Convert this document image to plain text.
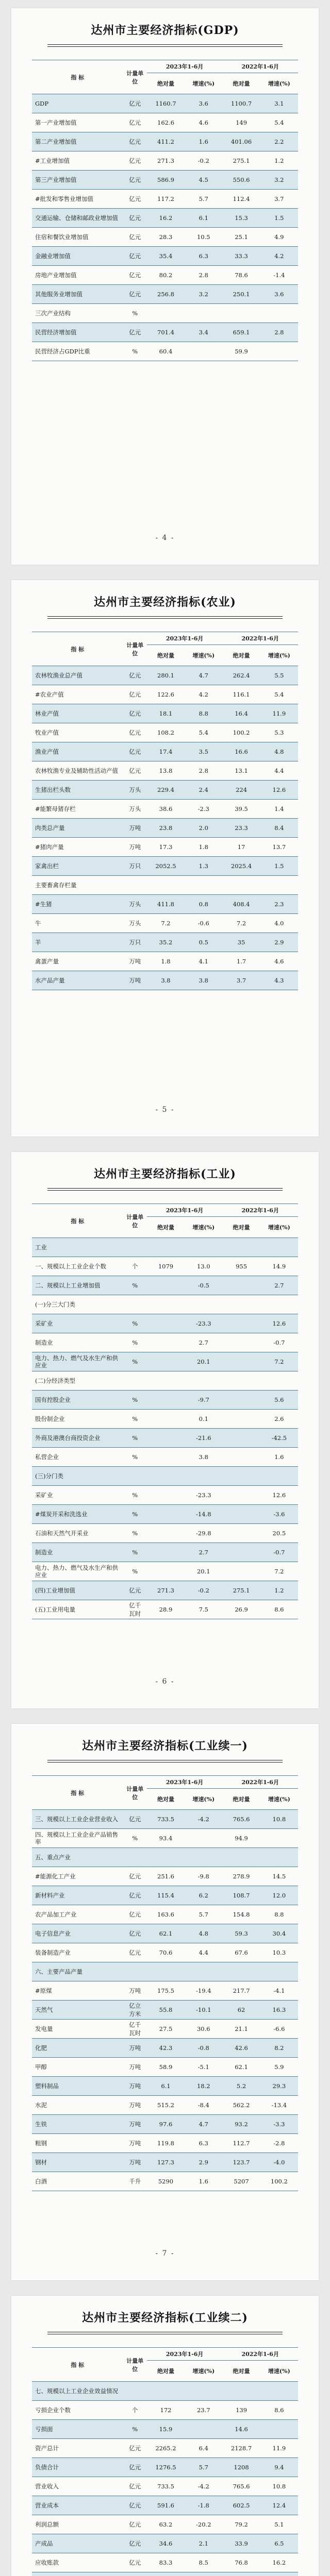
达州市主要经济指标(GDP)
指 标	计量单位	2023年1-6月		2022年1-6月	
		绝对量	增速(%)	绝对量	增速(%)
GDP	亿元	1160.7	3.6	1100.7	3.1
第一产业增加值	亿元	162.6	4.6	149	5.4
第二产业增加值	亿元	411.2	1.6	401.06	2.2
#工业增加值	亿元	271.3	-0.2	275.1	1.2
第三产业增加值	亿元	586.9	4.5	550.6	3.2
#批发和零售业增加值	亿元	117.2	5.7	112.4	3.7
交通运输、仓储和邮政业增加值	亿元	16.2	6.1	15.3	1.5
住宿和餐饮业增加值	亿元	28.3	10.5	25.1	4.9
金融业增加值	亿元	35.4	6.3	33.3	4.2
房地产业增加值	亿元	80.2	2.8	78.6	-1.4
其他服务业增加值	亿元	256.8	3.2	250.1	3.6
三次产业结构	%				
民营经济增加值	亿元	701.4	3.4	659.1	2.8
民营经济占GDP比重	%	60.4		59.9	
- 4 -
达州市主要经济指标(农业)
指 标	计量单位	2023年1-6月		2022年1-6月	
		绝对量	增速(%)	绝对量	增速(%)
农林牧渔业总产值	亿元	280.1	4.7	262.4	5.5
#农业产值	亿元	122.6	4.2	116.1	5.4
林业产值	亿元	18.1	8.8	16.4	11.9
牧业产值	亿元	108.2	5.4	100.2	5.3
渔业产值	亿元	17.4	3.5	16.6	4.8
农林牧渔专业及辅助性活动产值	亿元	13.8	2.8	13.1	4.4
生猪出栏头数	万头	229.4	2.4	224	12.6
#能繁母猪存栏	万头	38.6	-2.3	39.5	1.4
肉类总产量	万吨	23.8	2.0	23.3	8.4
#猪肉产量	万吨	17.3	1.8	17	13.7
家禽出栏	万只	2052.5	1.3	2025.4	1.5
主要畜禽存栏量					
#生猪	万头	411.8	0.8	408.4	2.3
牛	万头	7.2	-0.6	7.2	4.0
羊	万只	35.2	0.5	35	2.9
禽蛋产量	万吨	1.8	4.1	1.7	4.6
水产品产量	万吨	3.8	3.8	3.7	4.3
- 5 -
达州市主要经济指标(工业)
指 标	计量单位	2023年1-6月		2022年1-6月	
		绝对量	增速(%)	绝对量	增速(%)
工业					
一、规模以上工业企业个数	个	1079	13.0	955	14.9
二、规模以上工业增加值	%		-0.5		2.7
(一)分三大门类					
采矿业	%		-23.3		12.6
制造业	%		2.7		-0.7
电力、热力、燃气及水生产和供应业	%		20.1		7.2
(二)分经济类型					
国有控股企业	%		-9.7		5.6
股份制企业	%		0.1		2.6
外商及港澳台商投资企业	%		-21.6		-42.5
私营企业	%		3.8		1.6
(三)分门类					
采矿业	%		-23.3		12.6
#煤炭开采和洗选业	%		-14.8		-3.6
石油和天然气开采业	%		-29.8		20.5
制造业	%		2.7		-0.7
电力、热力、燃气及水生产和供应业	%		20.1		7.2
(四)工业增加值	亿元	271.3	-0.2	275.1	1.2
(五)工业用电量	亿千瓦时	28.9	7.5	26.9	8.6
- 6 -
达州市主要经济指标(工业续一)
指 标	计量单位	2023年1-6月		2022年1-6月	
		绝对量	增速(%)	绝对量	增速(%)
三、规模以上工业企业营业收入	亿元	733.5	-4.2	765.6	10.8
四、规模以上工业企业产品销售率	%	93.4		94.9	
五、重点产业					
#能源化工产业	亿元	251.6	-9.8	278.9	14.5
新材料产业	亿元	115.4	6.2	108.7	12.0
农产品加工产业	亿元	163.6	5.7	154.8	8.8
电子信息产业	亿元	62.1	4.8	59.3	30.4
装备制造产业	亿元	70.6	4.4	67.6	10.3
六、主要产品产量					
#原煤	万吨	175.5	-19.4	217.7	-4.1
天然气	亿立方米	55.8	-10.1	62	16.3
发电量	亿千瓦时	27.5	30.6	21.1	-6.6
化肥	万吨	42.3	-0.8	42.6	8.2
甲醇	万吨	58.9	-5.1	62.1	5.9
塑料制品	万吨	6.1	18.2	5.2	29.3
水泥	万吨	515.2	-8.4	562.2	-13.4
生铁	万吨	97.6	4.7	93.2	-3.3
粗钢	万吨	119.8	6.3	112.7	-2.8
钢材	万吨	127.3	2.9	123.7	-4.0
白酒	千升	5290	1.6	5207	100.2
- 7 -
达州市主要经济指标(工业续二)
指 标	计量单位	2023年1-6月		2022年1-6月	
		绝对量	增速(%)	绝对量	增速(%)
七、规模以上工业企业效益情况					
亏损企业个数	个	172	23.7	139	8.6
亏损面	%	15.9		14.6	
资产总计	亿元	2265.2	6.4	2128.7	11.9
负债合计	亿元	1276.5	5.7	1208	9.4
营业收入	亿元	733.5	-4.2	765.6	10.8
营业成本	亿元	591.6	-1.8	602.5	12.4
利润总额	亿元	63.2	-20.2	79.2	5.1
产成品	亿元	34.6	2.1	33.9	6.5
应收账款	亿元	83.3	8.5	76.8	16.2
